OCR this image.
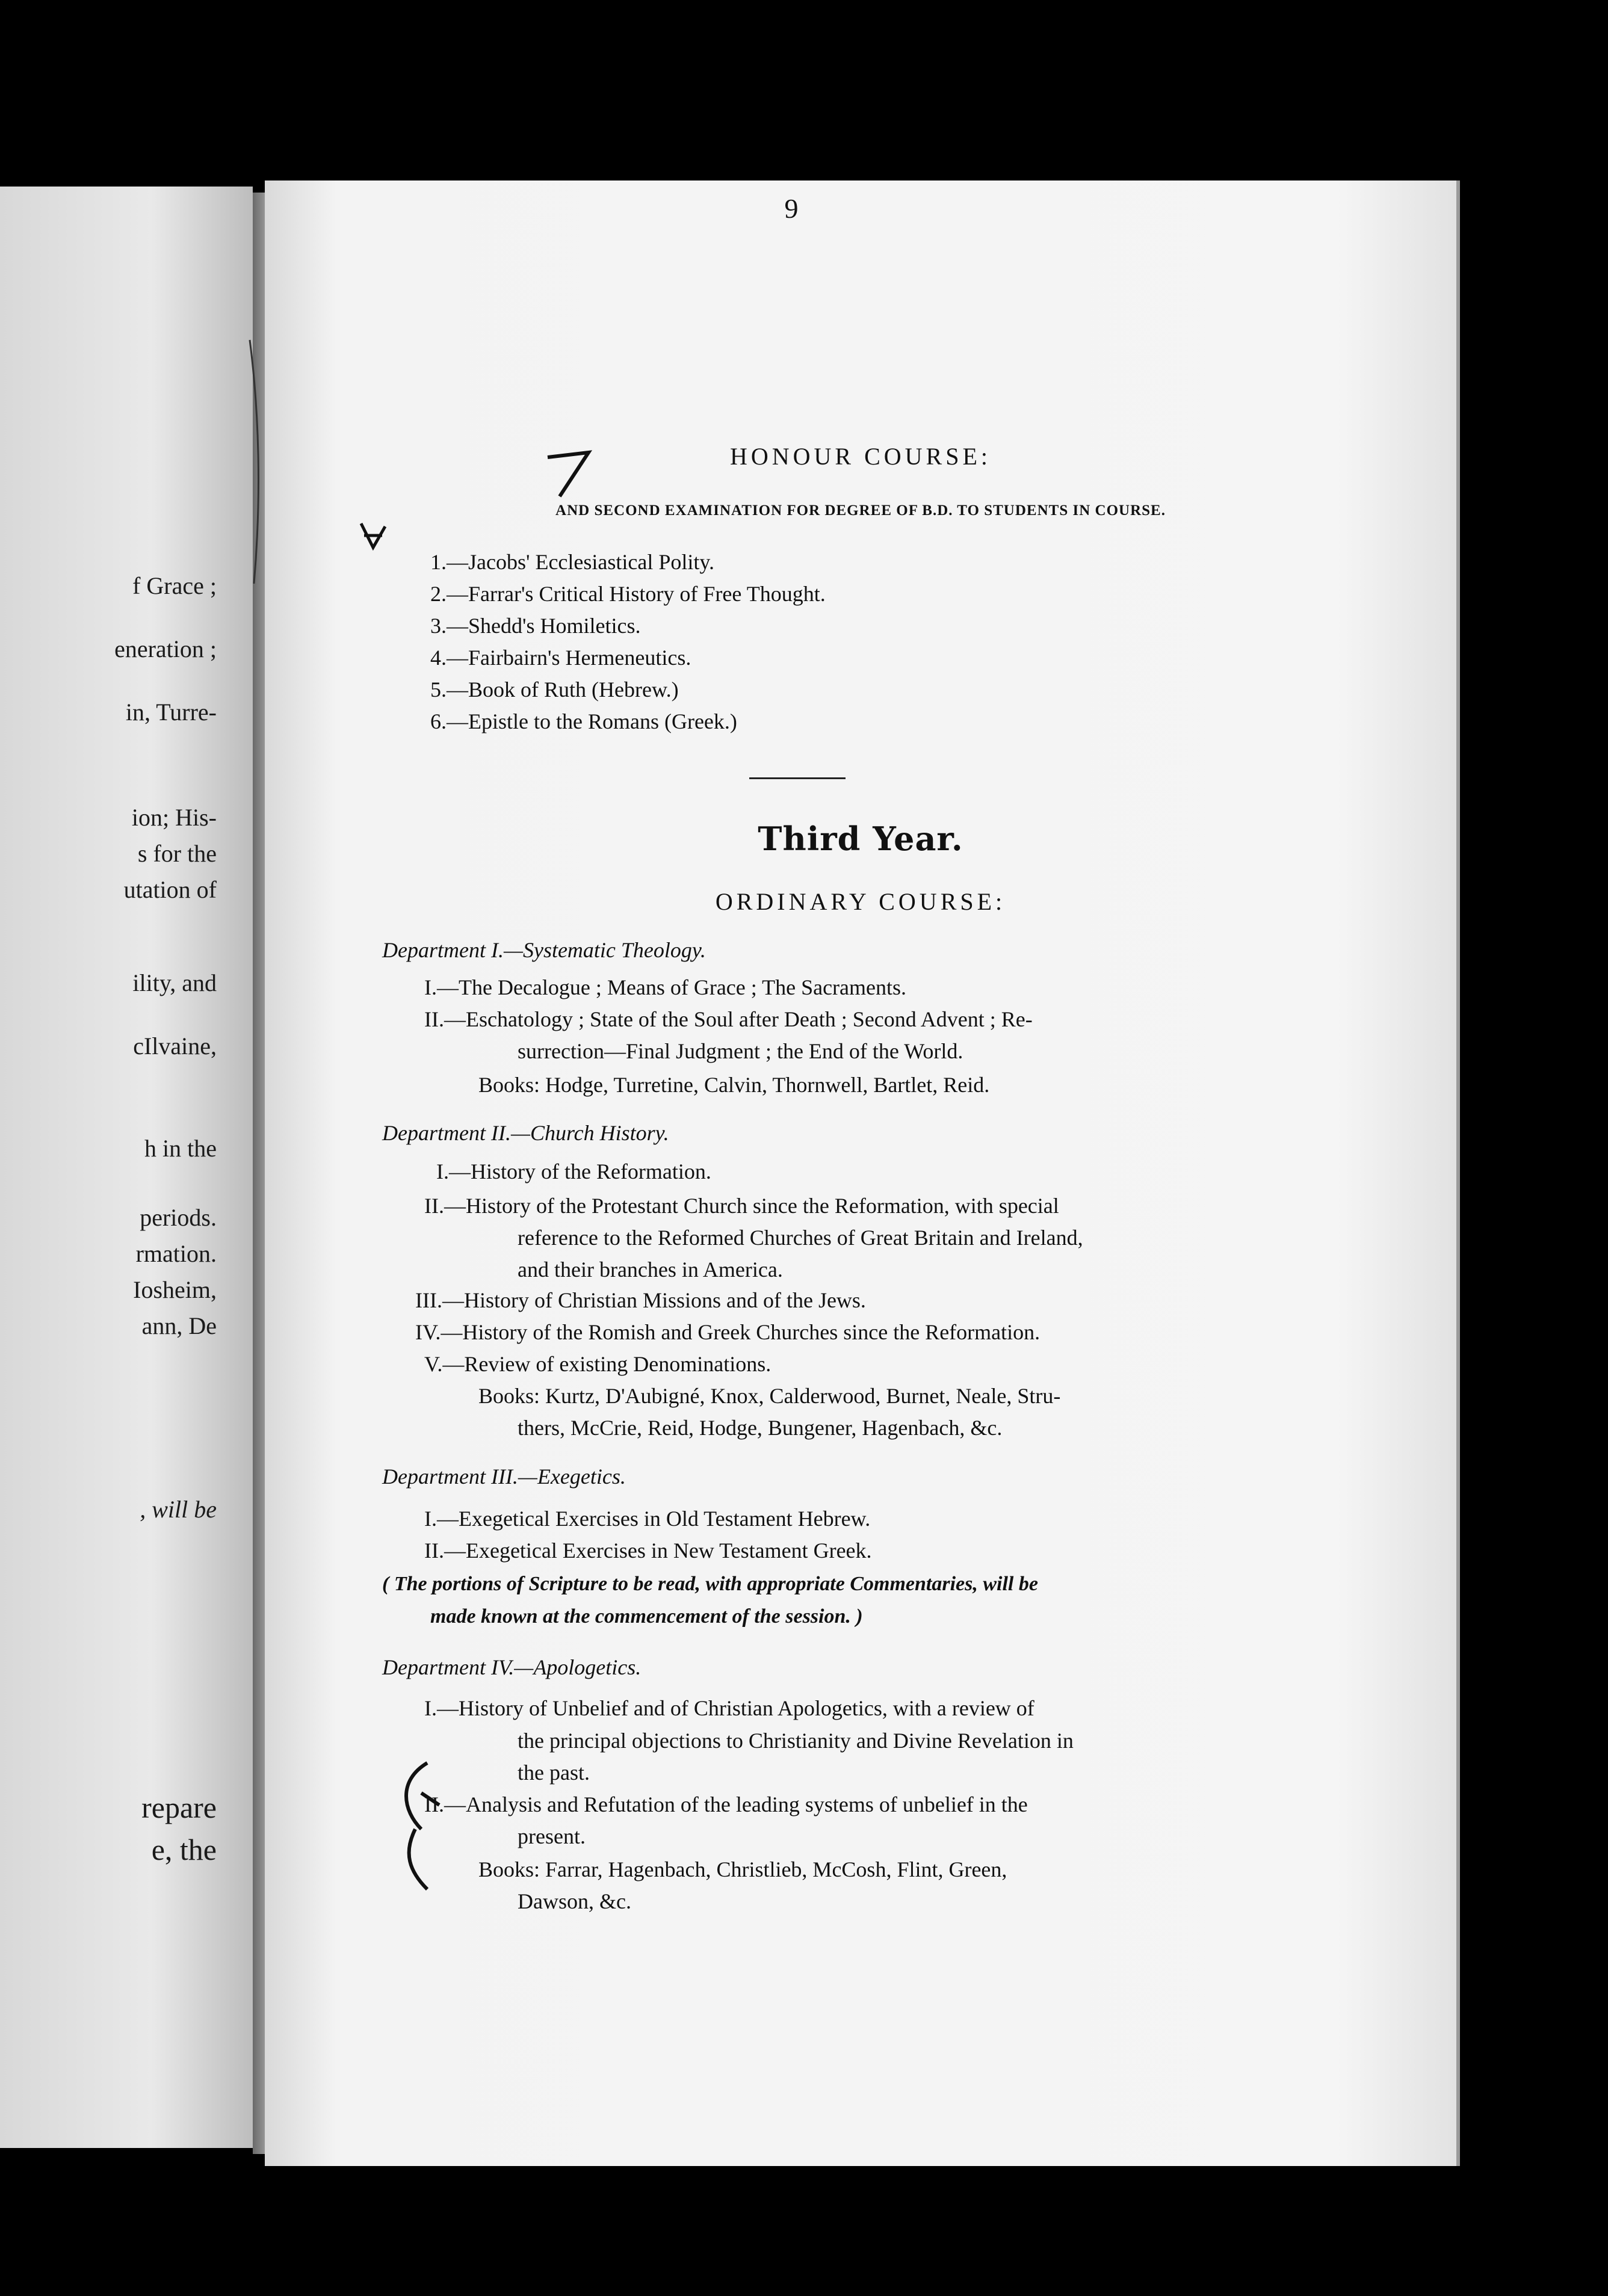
f Grace ;
eneration ;
in, Turre-
ion; His-
s for the
utation of
ility, and
cIlvaine,
h in the
periods.
rmation.
Iosheim,
ann, De
, will be
repare
e, the
9
HONOUR COURSE:
AND SECOND EXAMINATION FOR DEGREE OF B.D. TO STUDENTS IN COURSE.
1.—Jacobs' Ecclesiastical Polity.
2.—Farrar's Critical History of Free Thought.
3.—Shedd's Homiletics.
4.—Fairbairn's Hermeneutics.
5.—Book of Ruth (Hebrew.)
6.—Epistle to the Romans (Greek.)
Third Year.
ORDINARY COURSE:
Department I.—Systematic Theology.
I.—The Decalogue ; Means of Grace ; The Sacraments.
II.—Eschatology ; State of the Soul after Death ; Second Advent ; Re-
surrection—Final Judgment ; the End of the World.
Books: Hodge, Turretine, Calvin, Thornwell, Bartlet, Reid.
Department II.—Church History.
I.—History of the Reformation.
II.—History of the Protestant Church since the Reformation, with special
reference to the Reformed Churches of Great Britain and Ireland,
and their branches in America.
III.—History of Christian Missions and of the Jews.
IV.—History of the Romish and Greek Churches since the Reformation.
V.—Review of existing Denominations.
Books: Kurtz, D'Aubigné, Knox, Calderwood, Burnet, Neale, Stru-
thers, McCrie, Reid, Hodge, Bungener, Hagenbach, &c.
Department III.—Exegetics.
I.—Exegetical Exercises in Old Testament Hebrew.
II.—Exegetical Exercises in New Testament Greek.
( The portions of Scripture to be read, with appropriate Commentaries, will be
made known at the commencement of the session. )
Department IV.—Apologetics.
I.—History of Unbelief and of Christian Apologetics, with a review of
the principal objections to Christianity and Divine Revelation in
the past.
II.—Analysis and Refutation of the leading systems of unbelief in the
present.
Books: Farrar, Hagenbach, Christlieb, McCosh, Flint, Green,
Dawson, &c.
